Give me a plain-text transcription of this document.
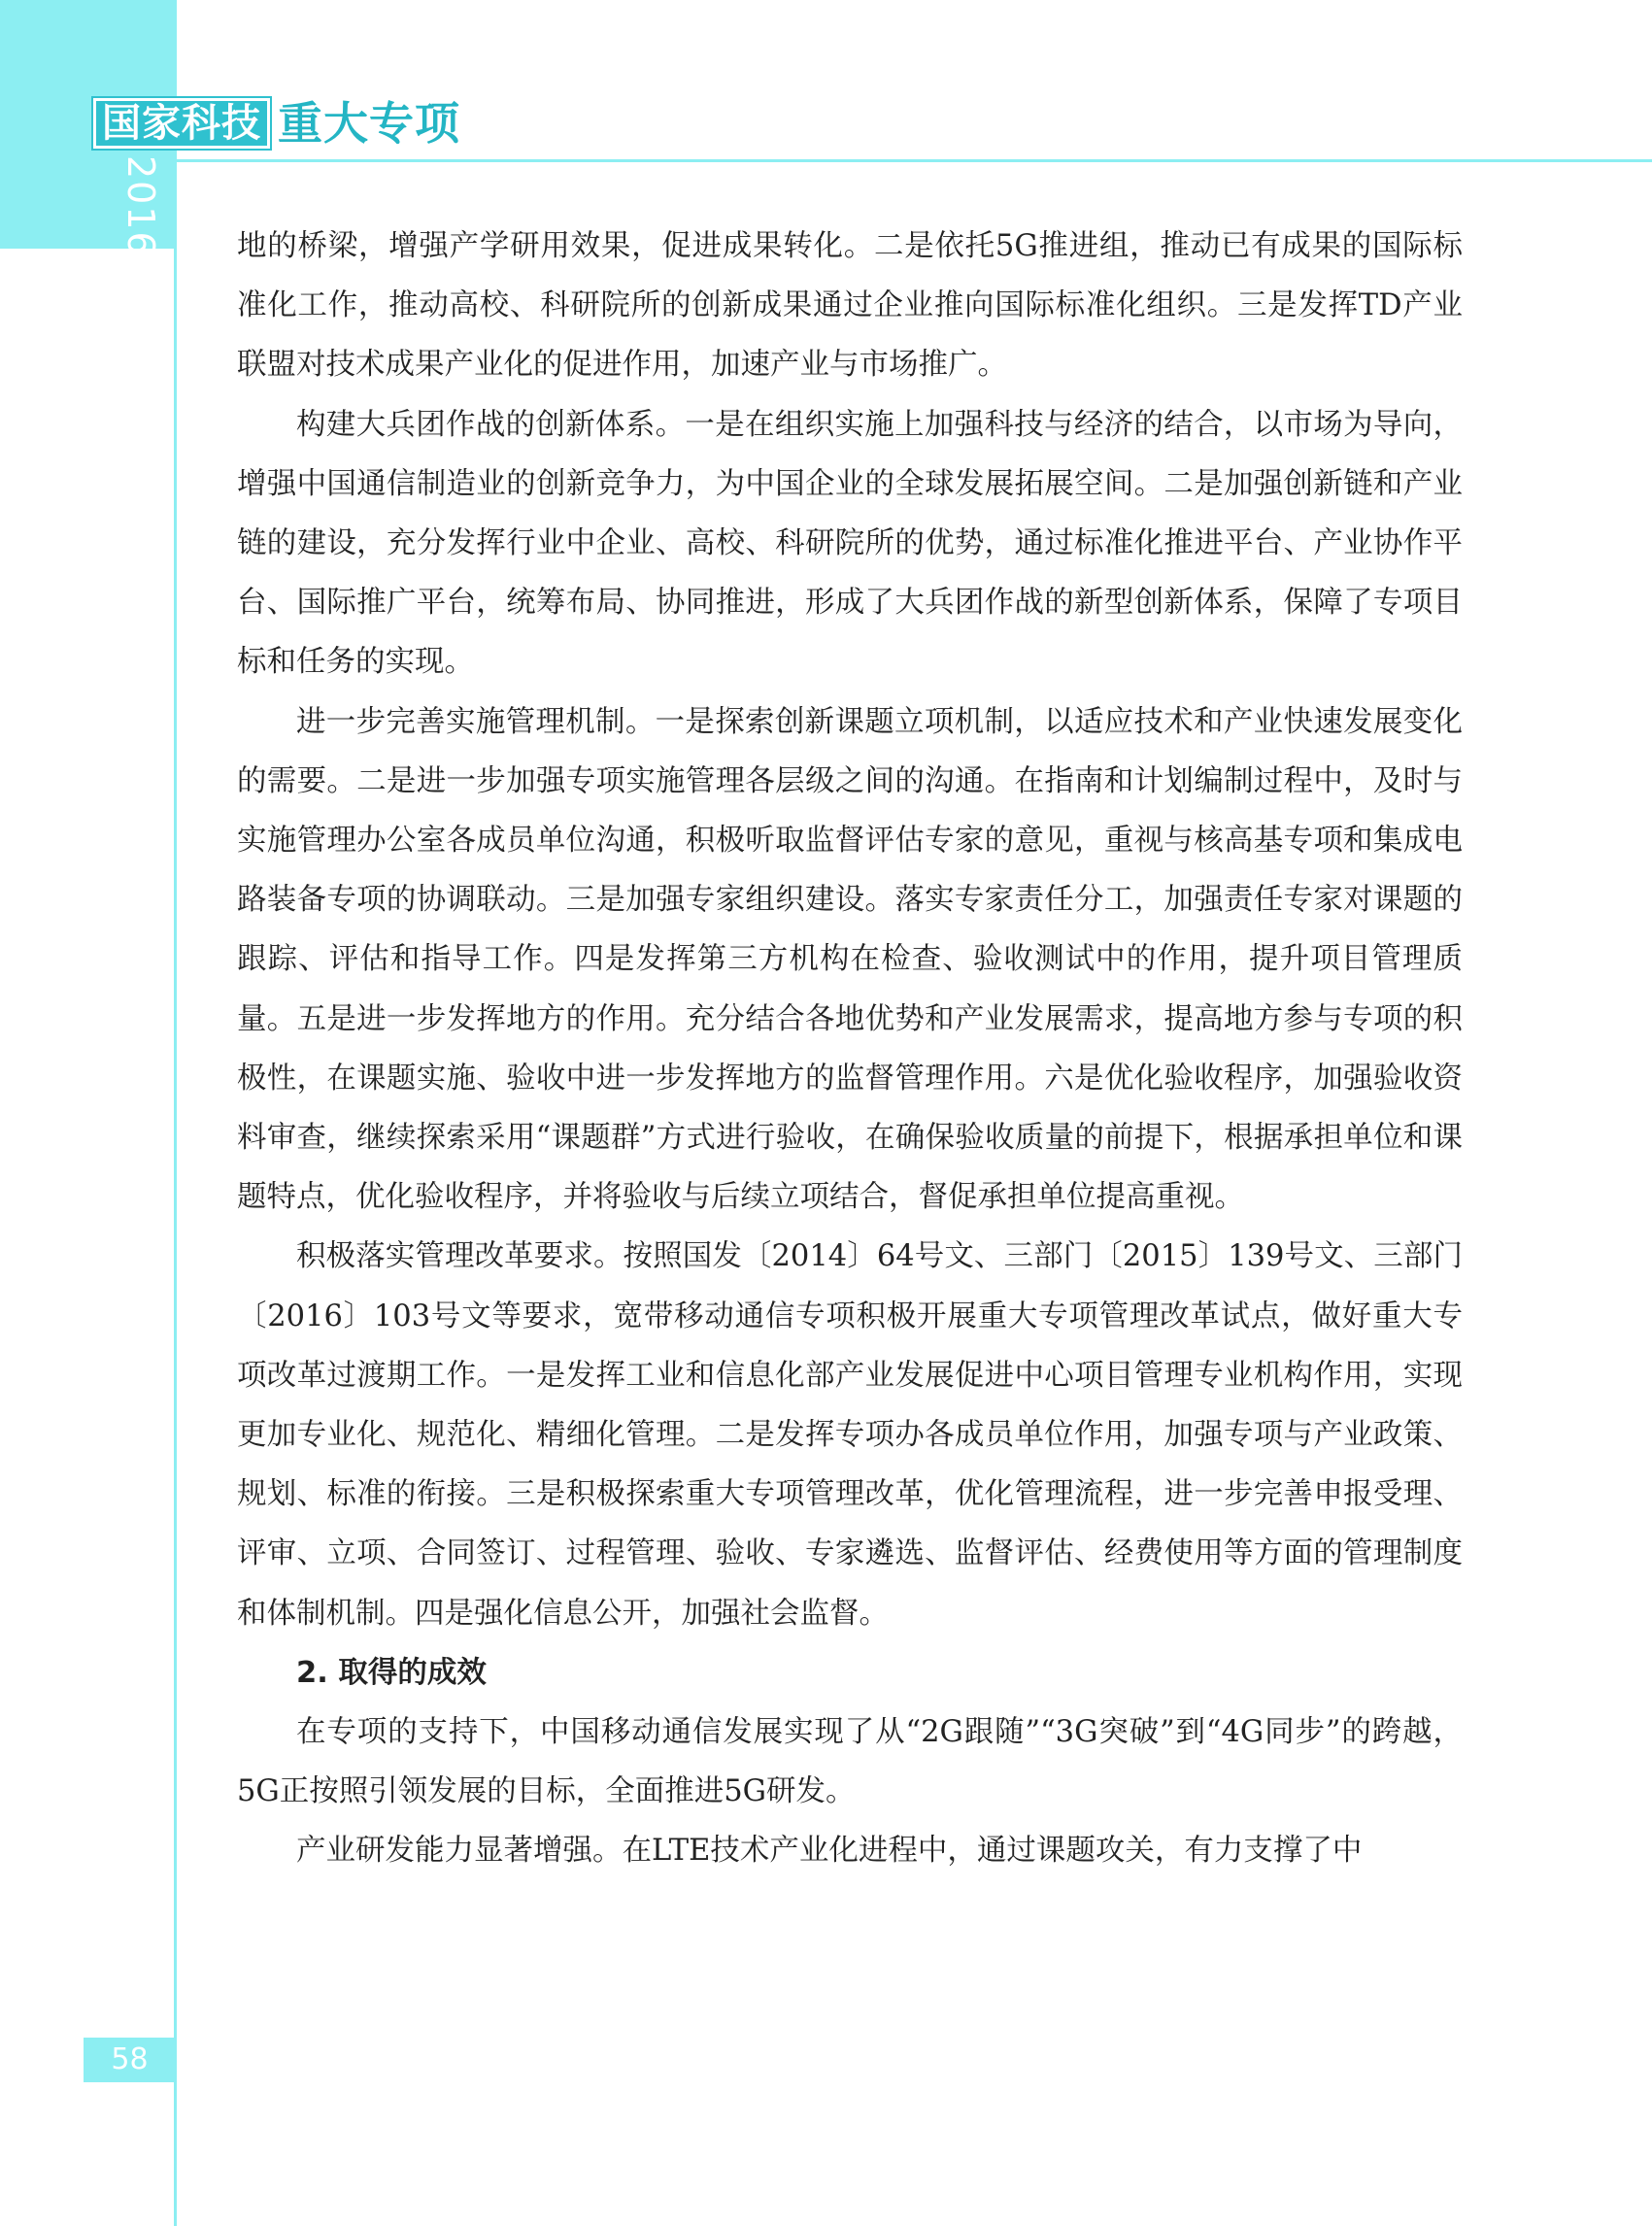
国家科技 重大专项
2016年度报告

地的桥梁，增强产学研用效果，促进成果转化。二是依托5G推进组，推动已有成果的国际标准化工作，推动高校、科研院所的创新成果通过企业推向国际标准化组织。三是发挥TD产业联盟对技术成果产业化的促进作用，加速产业与市场推广。

构建大兵团作战的创新体系。一是在组织实施上加强科技与经济的结合，以市场为导向，增强中国通信制造业的创新竞争力，为中国企业的全球发展拓展空间。二是加强创新链和产业链的建设，充分发挥行业中企业、高校、科研院所的优势，通过标准化推进平台、产业协作平台、国际推广平台，统筹布局、协同推进，形成了大兵团作战的新型创新体系，保障了专项目标和任务的实现。

进一步完善实施管理机制。一是探索创新课题立项机制，以适应技术和产业快速发展变化的需要。二是进一步加强专项实施管理各层级之间的沟通。在指南和计划编制过程中，及时与实施管理办公室各成员单位沟通，积极听取监督评估专家的意见，重视与核高基专项和集成电路装备专项的协调联动。三是加强专家组织建设。落实专家责任分工，加强责任专家对课题的跟踪、评估和指导工作。四是发挥第三方机构在检查、验收测试中的作用，提升项目管理质量。五是进一步发挥地方的作用。充分结合各地优势和产业发展需求，提高地方参与专项的积极性，在课题实施、验收中进一步发挥地方的监督管理作用。六是优化验收程序，加强验收资料审查，继续探索采用“课题群”方式进行验收，在确保验收质量的前提下，根据承担单位和课题特点，优化验收程序，并将验收与后续立项结合，督促承担单位提高重视。

积极落实管理改革要求。按照国发〔2014〕64号文、三部门〔2015〕139号文、三部门〔2016〕103号文等要求，宽带移动通信专项积极开展重大专项管理改革试点，做好重大专项改革过渡期工作。一是发挥工业和信息化部产业发展促进中心项目管理专业机构作用，实现更加专业化、规范化、精细化管理。二是发挥专项办各成员单位作用，加强专项与产业政策、规划、标准的衔接。三是积极探索重大专项管理改革，优化管理流程，进一步完善申报受理、评审、立项、合同签订、过程管理、验收、专家遴选、监督评估、经费使用等方面的管理制度和体制机制。四是强化信息公开，加强社会监督。

2. 取得的成效

在专项的支持下，中国移动通信发展实现了从“2G跟随”“3G突破”到“4G同步”的跨越，5G正按照引领发展的目标，全面推进5G研发。

产业研发能力显著增强。在LTE技术产业化进程中，通过课题攻关，有力支撑了中

58
